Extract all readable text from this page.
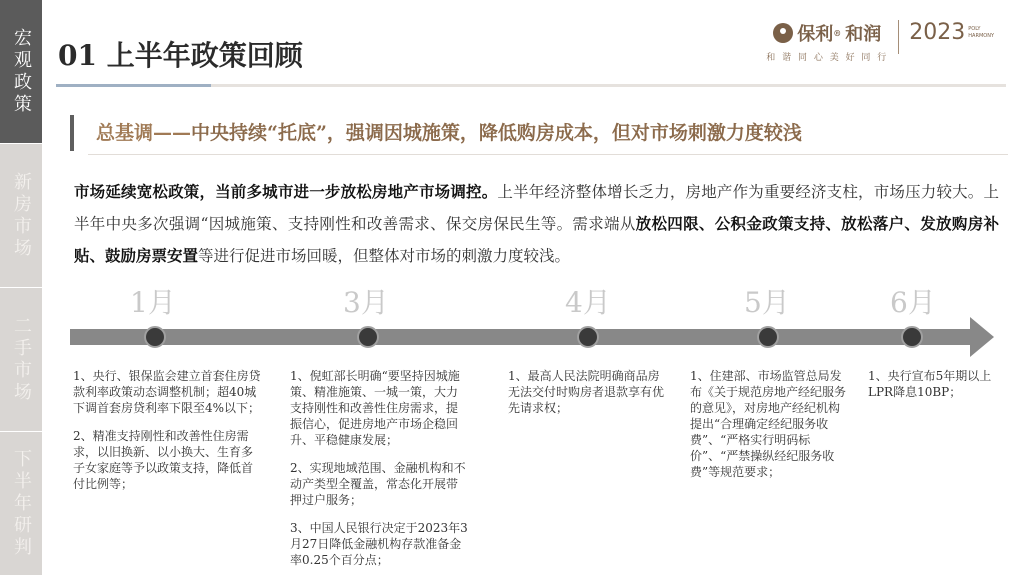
宏观政策
新房市场
二手市场
下半年研判
01 上半年政策回顾
保利 ® 和润
和 谐 同 心 美 好 同 行
2023 POLY
HARMONY
总基调——中央持续“托底”，强调因城施策，降低购房成本，但对市场刺激力度较浅
市场延续宽松政策，当前多城市进一步放松房地产市场调控。上半年经济整体增长乏力，房地产作为重要经济支柱，市场压力较大。上半年中央多次强调“因城施策、支持刚性和改善需求、保交房保民生等。需求端从放松四限、公积金政策支持、放松落户、发放购房补贴、鼓励房票安置等进行促进市场回暖，但整体对市场的刺激力度较浅。
1月	3月	4月	5月	6月

1、央行、银保监会建立首套住房贷款利率政策动态调整机制；超40城下调首套房贷利率下限至4%以下；

2、精准支持刚性和改善性住房需求，以旧换新、以小换大、生育多子女家庭等予以政策支持，降低首付比例等；

1、倪虹部长明确“要坚持因城施策、精准施策、一城一策，大力支持刚性和改善性住房需求，提振信心，促进房地产市场企稳回升、平稳健康发展；

2、实现地域范围、金融机构和不动产类型全覆盖，常态化开展带押过户服务；

3、中国人民银行决定于2023年3月27日降低金融机构存款准备金率0.25个百分点；

1、最高人民法院明确商品房无法交付时购房者退款享有优先请求权；

1、住建部、市场监管总局发布《关于规范房地产经纪服务的意见》，对房地产经纪机构提出“合理确定经纪服务收费”、“严格实行明码标价”、“严禁操纵经纪服务收费”等规范要求；

1、央行宣布5年期以上LPR降息10BP；
